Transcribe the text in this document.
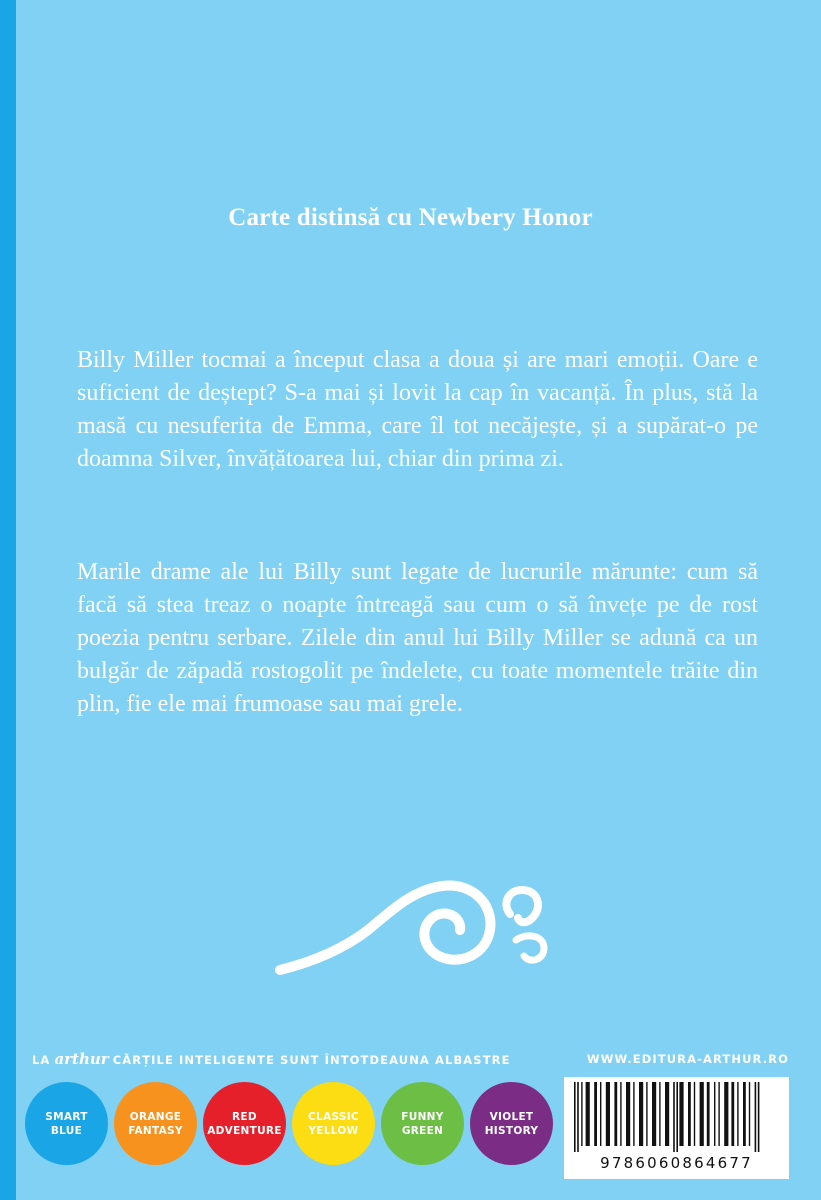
Carte distinsă cu Newbery Honor

Billy Miller tocmai a început clasa a doua și are mari emoții. Oare e suficient de deștept? S-a mai și lovit la cap în vacanță. În plus, stă la masă cu nesuferita de Emma, care îl tot necăjește, și a supărat-o pe doamna Silver, învățătoarea lui, chiar din prima zi.

Marile drame ale lui Billy sunt legate de lucrurile mărunte: cum să facă să stea treaz o noapte întreagă sau cum o să învețe pe de rost poezia pentru serbare. Zilele din anul lui Billy Miller se adună ca un bulgăr de zăpadă rostogolit pe îndelete, cu toate momentele trăite din plin, fie ele mai frumoase sau mai grele.

LA arthur CĂRȚILE INTELIGENTE SUNT ÎNTOTDEAUNA ALBASTRE	WWW.EDITURA-ARTHUR.RO
SMART
BLUE
ORANGE
FANTASY
RED
ADVENTURE
CLASSIC
YELLOW
FUNNY
GREEN
VIOLET
HISTORY
9786060864677
